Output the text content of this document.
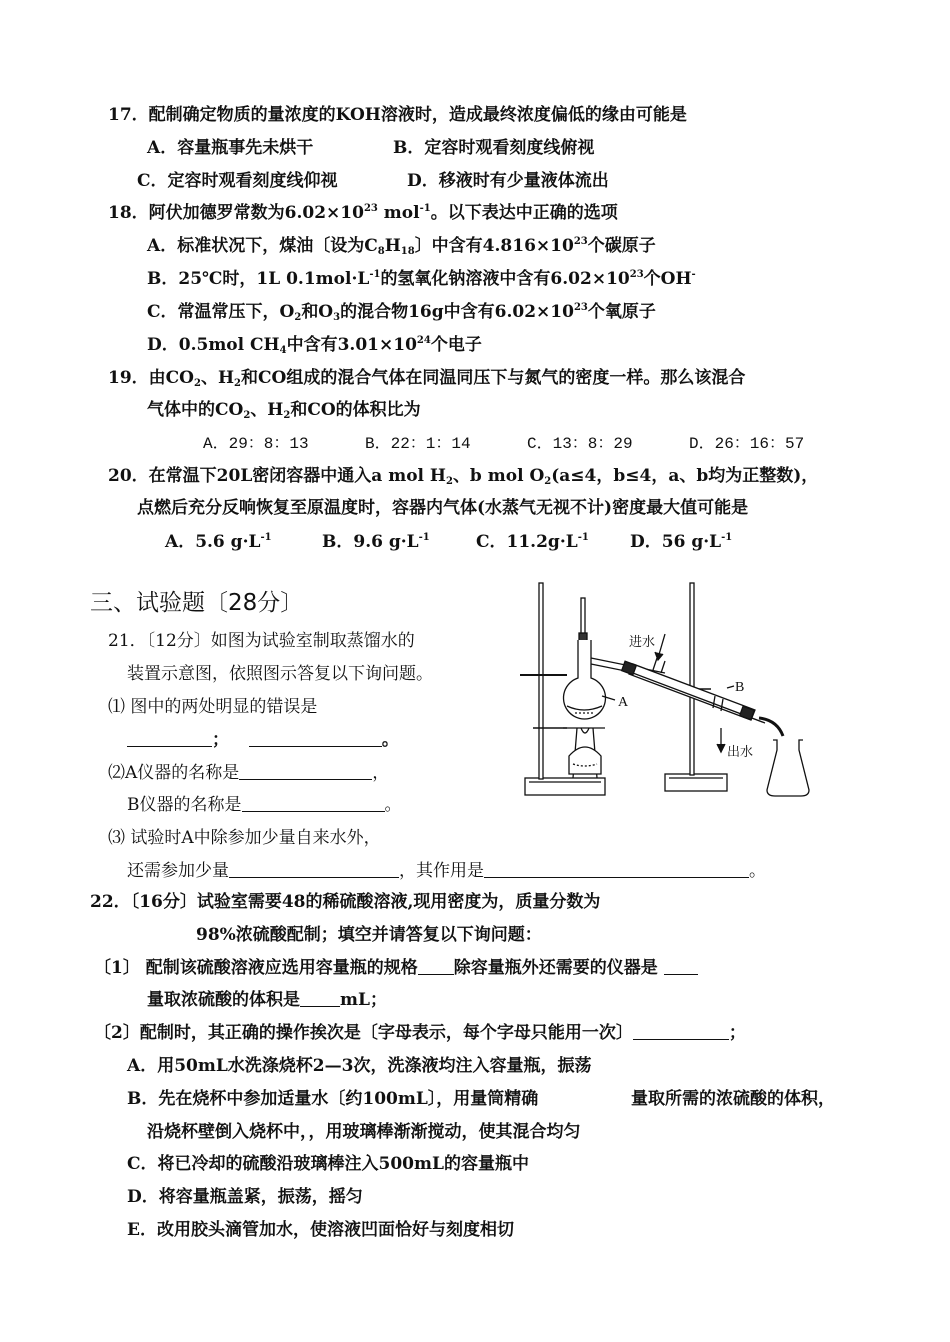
17．配制确定物质的量浓度的KOH溶液时，造成最终浓度偏低的缘由可能是
A．容量瓶事先未烘干	B．定容时观看刻度线俯视
C．定容时观看刻度线仰视	D．移液时有少量液体流出
18．阿伏加德罗常数为$6.02\times 10^{23}$ mol$^{-1}$。以下表达中正确的选项
A．标准状况下，煤油〔设为$C_8H_{18}$〕中含有$4.816\times 10^{23}$个碳原子
B．25℃时，1L $0.1mol\cdot L^{-1}$的氢氧化钠溶液中含有$6.02\times 10^{23}$个OH-
C．常温常压下，$O_2$和$O_3$的混合物16g中含有$6.02\times 10^{23}$个氧原子
D．0.5mol $CH_4$中含有$3.01\times 10^{24}$个电子
19．由$CO_2$、$H_2$和CO组成的混合气体在同温同压下与氮气的密度一样。那么该混合
气体中的$CO_2$、$H_2$和CO的体积比为
A．29：8：13	B．22：1：14	C．13：8：29	D．26：16：57
20．在常温下20L密闭容器中通入a mol $H_2$、b mol $O_2(a\le 4$，b≤4，a、b均为正整数)，
点燃后充分反响恢复至原温度时，容器内气体(水蒸气无视不计)密度最大值可能是
A．5.6 $g\cdot L^{-1}$	B．9.6 $g\cdot L^{-1}$	C．$11.2g\cdot L^{-1}$ D．56 $g\cdot L^{-1}$
三、试验题〔28分〕
21．〔12分〕如图为试验室制取蒸馏水的
装置示意图，依照图示答复以下询问题。
⑴ 图中的两处明显的错误是
；	。
⑵A仪器的名称是	，
B仪器的名称是	。
⑶ 试验时A中除参加少量自来水外，
还需参加少量	，其作用是	。
A
B
进水
出水
22．〔16分〕试验室需要48的稀硫酸溶液,现用密度为，质量分数为
98%浓硫酸配制；填空并请答复以下询问题：
〔1〕 配制该硫酸溶液应选用容量瓶的规格 除容量瓶外还需要的仪器是
量取浓硫酸的体积是 mL；
〔2〕配制时，其正确的操作挨次是〔字母表示，每个字母只能用一次〕	；
A．用50mL水洗涤烧杯2—3次，洗涤液均注入容量瓶，振荡
B．先在烧杯中参加适量水〔约100mL〕，用量筒精确	量取所需的浓硫酸的体积，
沿烧杯壁倒入烧杯中，，用玻璃棒渐渐搅动，使其混合均匀
C．将已冷却的硫酸沿玻璃棒注入500mL的容量瓶中
D．将容量瓶盖紧，振荡，摇匀
E．改用胶头滴管加水，使溶液凹面恰好与刻度相切
